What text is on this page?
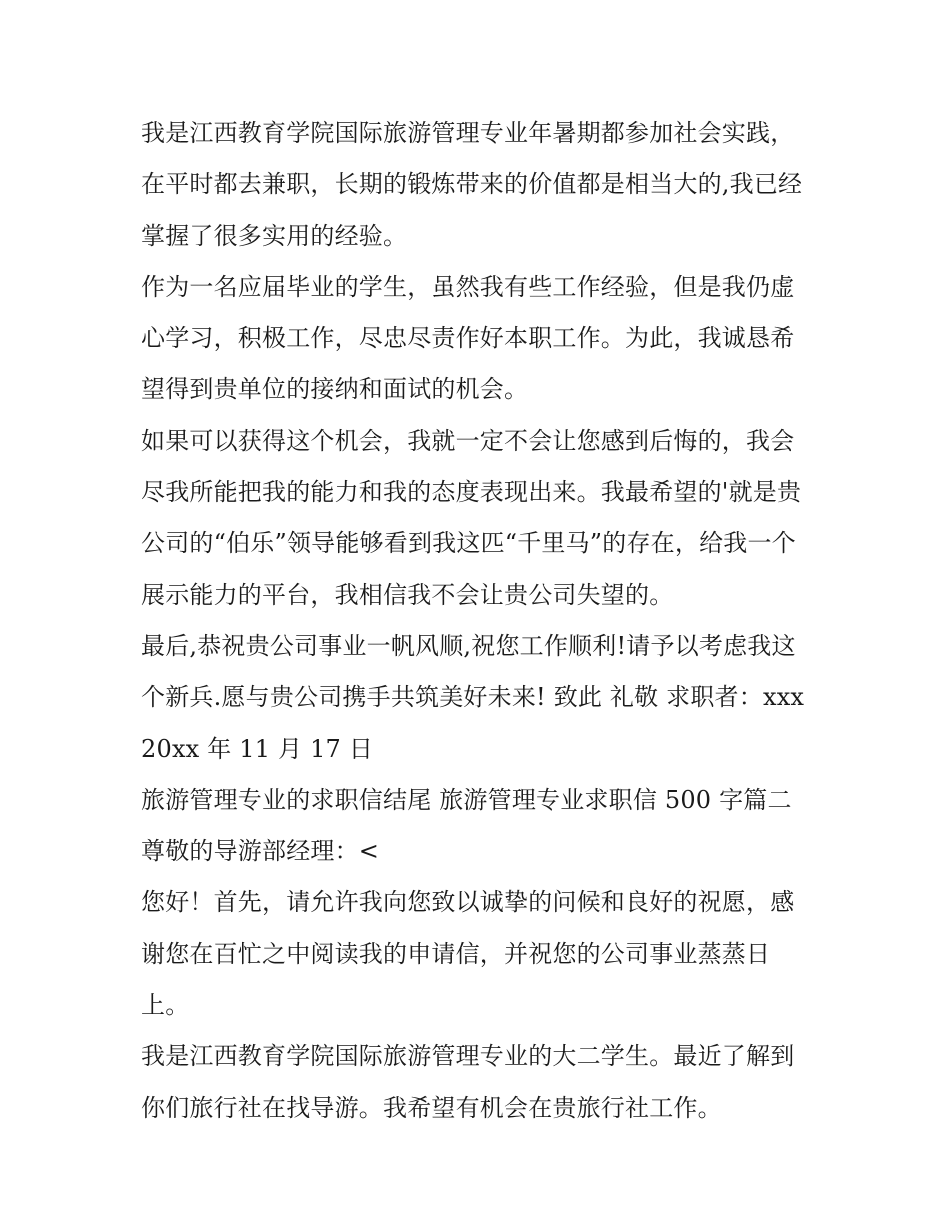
我是江西教育学院国际旅游管理专业年暑期都参加社会实践，在平时都去兼职，长期的锻炼带来的价值都是相当大的,我已经掌握了很多实用的经验。

作为一名应届毕业的学生，虽然我有些工作经验，但是我仍虚心学习，积极工作，尽忠尽责作好本职工作。为此，我诚恳希望得到贵单位的接纳和面试的机会。

如果可以获得这个机会，我就一定不会让您感到后悔的，我会尽我所能把我的能力和我的态度表现出来。我最希望的'就是贵公司的“伯乐”领导能够看到我这匹“千里马”的存在，给我一个展示能力的平台，我相信我不会让贵公司失望的。

最后,恭祝贵公司事业一帆风顺,祝您工作顺利!请予以考虑我这个新兵.愿与贵公司携手共筑美好未来! 致此 礼敬 求职者：xxx

20xx 年 11 月 17 日

旅游管理专业的求职信结尾 旅游管理专业求职信 500 字篇二

尊敬的导游部经理：<

您好！首先，请允许我向您致以诚挚的问候和良好的祝愿，感谢您在百忙之中阅读我的申请信，并祝您的公司事业蒸蒸日上。

我是江西教育学院国际旅游管理专业的大二学生。最近了解到你们旅行社在找导游。我希望有机会在贵旅行社工作。
